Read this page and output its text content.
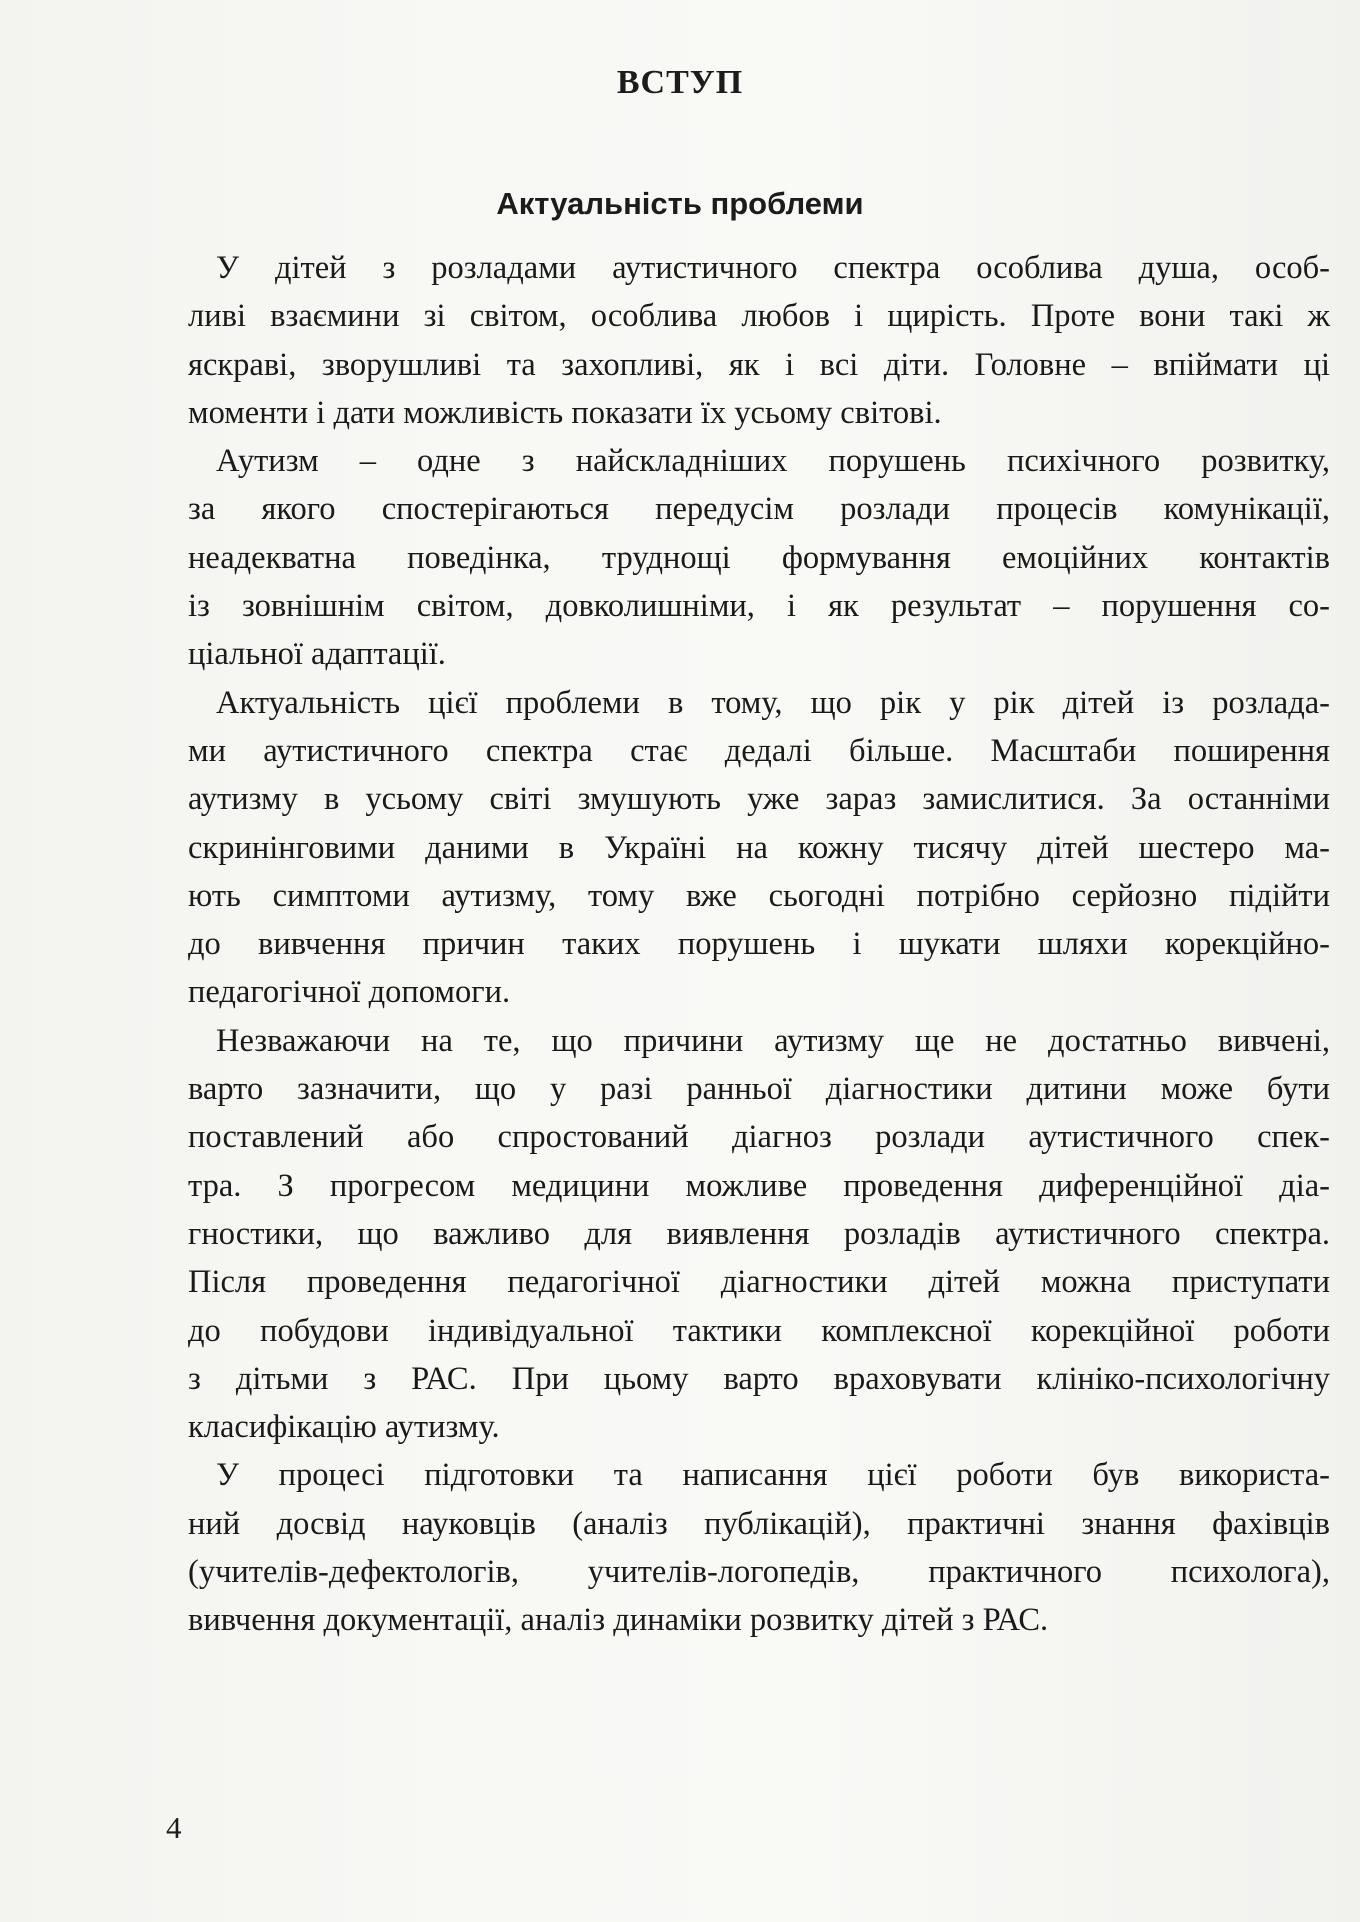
ВСТУП
Актуальність проблеми

У дітей з розладами аутистичного спектра особлива душа, особ-
ливі взаємини зі світом, особлива любов і щирість. Проте вони такі ж
яскраві, зворушливі та захопливі, як і всі діти. Головне – впіймати ці
моменти і дати можливість показати їх усьому світові.

Аутизм – одне з найскладніших порушень психічного розвитку,
за якого спостерігаються передусім розлади процесів комунікації,
неадекватна поведінка, труднощі формування емоційних контактів
із зовнішнім світом, довколишніми, і як результат – порушення со-
ціальної адаптації.

Актуальність цієї проблеми в тому, що рік у рік дітей із розлада-
ми аутистичного спектра стає дедалі більше. Масштаби поширення
аутизму в усьому світі змушують уже зараз замислитися. За останніми
скринінговими даними в Україні на кожну тисячу дітей шестеро ма-
ють симптоми аутизму, тому вже сьогодні потрібно серйозно підійти
до вивчення причин таких порушень і шукати шляхи корекційно-
педагогічної допомоги.

Незважаючи на те, що причини аутизму ще не достатньо вивчені,
варто зазначити, що у разі ранньої діагностики дитини може бути
поставлений або спростований діагноз розлади аутистичного спек-
тра. З прогресом медицини можливе проведення диференційної діа-
гностики, що важливо для виявлення розладів аутистичного спектра.
Після проведення педагогічної діагностики дітей можна приступати
до побудови індивідуальної тактики комплексної корекційної роботи
з дітьми з РАС. При цьому варто враховувати клініко-психологічну
класифікацію аутизму.

У процесі підготовки та написання цієї роботи був використа-
ний досвід науковців (аналіз публікацій), практичні знання фахівців
(учителів-дефектологів, учителів-логопедів, практичного психолога),
вивчення документації, аналіз динаміки розвитку дітей з РАС.

4
